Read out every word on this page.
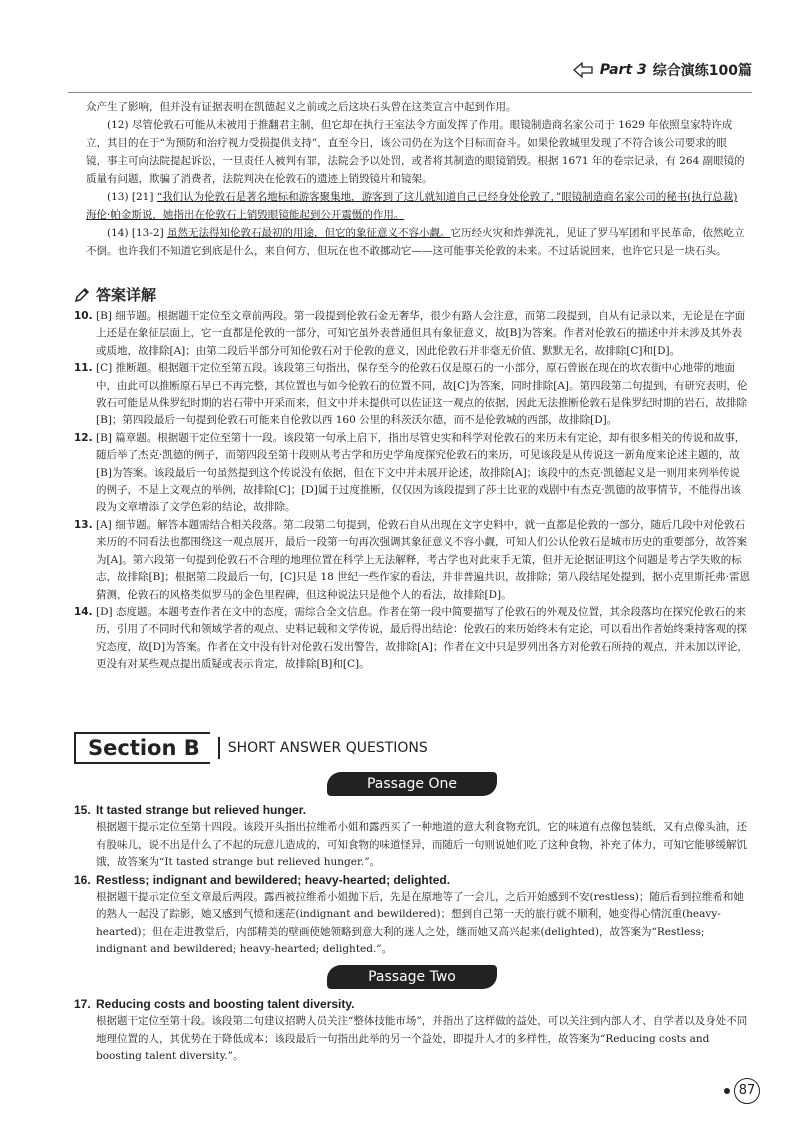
Part 3 综合演练100篇

众产生了影响，但并没有证据表明在凯德起义之前或之后这块石头曾在这类宣言中起到作用。

(12) 尽管伦敦石可能从未被用于推翻君主制，但它却在执行王室法令方面发挥了作用。眼镜制造商名家公司于 1629 年依照皇家特许成立，其目的在于“为预防和治疗视力受损提供支持”，直至今日，该公司仍在为这个目标而奋斗。如果伦敦城里发现了不符合该公司要求的眼镜，事主可向法院提起诉讼，一旦责任人被判有罪，法院会予以处罚，或者将其制造的眼镜销毁。根据 1671 年的卷宗记录，有 264 副眼镜的质量有问题，欺骗了消费者，法院判决在伦敦石的遗迹上销毁镜片和镜架。

(13) [21] “我们认为伦敦石是著名地标和游客聚集地，游客到了这儿就知道自己已经身处伦敦了，”眼镜制造商名家公司的秘书(执行总裁)海伦·帕金斯说，她指出在伦敦石上销毁眼镜能起到公开震慑的作用。

(14) [13-2] 虽然无法得知伦敦石最初的用途，但它的象征意义不容小觑。它历经火灾和炸弹洗礼，见证了罗马军团和平民革命，依然屹立不倒。也许我们不知道它到底是什么，来自何方，但玩在也不敢挪动它——这可能事关伦敦的未来。不过话说回来，也许它只是一块石头。

答案详解
10. [B] 细节题。根据题干定位至文章前两段。第一段提到伦敦石金无奢华，很少有路人会注意，而第二段提到，自从有记录以来，无论是在字面上还是在象征层面上，它一直都是伦敦的一部分，可知它虽外表普通但具有象征意义，故[B]为答案。作者对伦敦石的描述中并未涉及其外表或质地，故排除[A]；由第二段后半部分可知伦敦石对于伦敦的意义，因此伦敦石并非毫无价值、默默无名，故排除[C]和[D]。
11. [C] 推断题。根据题干定位至第五段。该段第三句指出，保存至今的伦敦石仅是原石的一小部分，原石曾嵌在现在的坎农街中心地带的地面中，由此可以推断原石早已不再完整，其位置也与如今伦敦石的位置不同，故[C]为答案，同时排除[A]。第四段第二句提到，有研究表明，伦敦石可能是从侏罗纪时期的岩石带中开采而来，但文中并未提供可以佐证这一观点的依据，因此无法推断伦敦石是侏罗纪时期的岩石，故排除[B]；第四段最后一句提到伦敦石可能来自伦敦以西 160 公里的科茨沃尔德，而不是伦敦城的西部，故排除[D]。
12. [B] 篇章题。根据题干定位至第十一段。该段第一句承上启下，指出尽管史实和科学对伦敦石的来历未有定论，却有很多相关的传说和故事，随后举了杰克·凯德的例子，而第四段至第十段则从考古学和历史学角度探究伦敦石的来历，可见该段是从传说这一新角度来论述主题的，故[B]为答案。该段最后一句虽然提到这个传说没有依据，但在下文中并未展开论述，故排除[A]；该段中的杰克·凯德起义是一则用来列举传说的例子，不是上文观点的举例，故排除[C]；[D]属于过度推断，仅仅因为该段提到了莎士比亚的戏剧中有杰克·凯德的故事情节，不能得出该段为文章增添了文学色彩的结论，故排除。
13. [A] 细节题。解答本题需结合相关段落。第二段第二句提到，伦敦石自从出现在文字史料中，就一直都是伦敦的一部分，随后几段中对伦敦石来历的不同看法也都围绕这一观点展开，最后一段第一句再次强调其象征意义不容小觑，可知人们公认伦敦石是城市历史的重要部分，故答案为[A]。第六段第一句提到伦敦石不合理的地理位置在科学上无法解释，考古学也对此束手无策，但并无论据证明这个问题是考古学失败的标志，故排除[B]；根据第二段最后一句，[C]只是 18 世纪一些作家的看法，并非普遍共识，故排除；第八段结尾处提到，据小克里斯托弗·雷恩猜测，伦敦石的风格类似罗马的金色里程碑，但这种说法只是他个人的看法，故排除[D]。
14. [D] 态度题。本题考查作者在文中的态度，需综合全文信息。作者在第一段中简要描写了伦敦石的外观及位置，其余段落均在探究伦敦石的来历，引用了不同时代和领域学者的观点、史料记载和文学传说，最后得出结论：伦敦石的来历始终未有定论，可以看出作者始终秉持客观的探究态度，故[D]为答案。作者在文中没有针对伦敦石发出警告，故排除[A]；作者在文中只是罗列出各方对伦敦石所持的观点，并未加以评论，更没有对某些观点提出质疑或表示肯定，故排除[B]和[C]。
Section B	SHORT ANSWER QUESTIONS
Passage One
15. It tasted strange but relieved hunger.
根据题干提示定位至第十四段。该段开头指出拉维希小姐和露西买了一种地道的意大利食物充饥，它的味道有点像包装纸，又有点像头油，还有股味儿，说不出是什么了不起的玩意儿造成的，可知食物的味道怪异，而随后一句则说她们吃了这种食物，补充了体力，可知它能够缓解饥饿，故答案为“It tasted strange but relieved hunger.”。
16. Restless; indignant and bewildered; heavy-hearted; delighted.
根据题干提示定位至文章最后两段。露西被拉维希小姐抛下后，先是在原地等了一会儿，之后开始感到不安(restless)；随后看到拉维希和她的熟人一起没了踪影，她又感到气愤和迷茫(indignant and bewildered)；想到自己第一天的旅行就不顺利，她变得心情沉重(heavy-hearted)；但在走进教堂后，内部精美的壁画使她领略到意大利的迷人之处，继而她又高兴起来(delighted)，故答案为“Restless; indignant and bewildered; heavy-hearted; delighted.”。
Passage Two
17. Reducing costs and boosting talent diversity.
根据题干定位至第十段。该段第二句建议招聘人员关注“整体技能市场”，并指出了这样做的益处，可以关注到内部人才、自学者以及身处不同地理位置的人，其优势在于降低成本；该段最后一句指出此举的另一个益处，即提升人才的多样性，故答案为“Reducing costs and boosting talent diversity.”。
87
